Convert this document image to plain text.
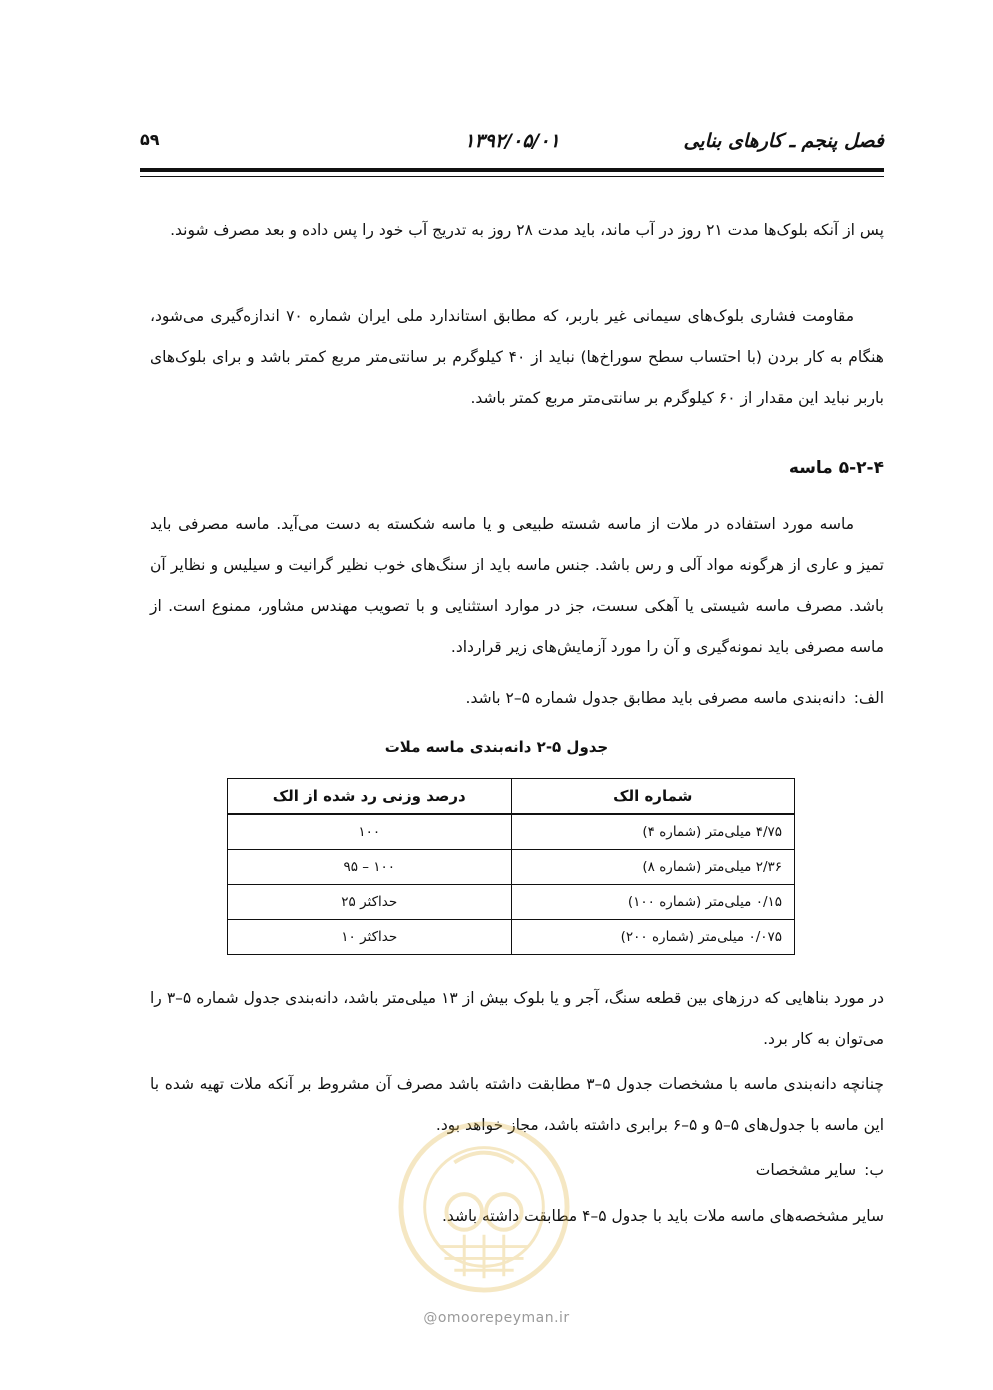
فصل پنجم ـ کارهای بنایی
۱۳۹۲/۰۵/۰۱
۵۹

پس از آنکه بلوک‌ها مدت ۲۱ روز در آب ماند، باید مدت ۲۸ روز به تدریج آب خود را پس داده و بعد مصرف شوند.

مقاومت فشاری بلوک‌های سیمانی غیر باربر، که مطابق استاندارد ملی ایران شماره ۷۰ اندازه‌گیری می‌شود، هنگام به کار بردن (با احتساب سطح سوراخ‌ها) نباید از ۴۰ کیلوگرم بر سانتی‌متر مربع کمتر باشد و برای بلوک‌های باربر نباید این مقدار از ۶۰ کیلوگرم بر سانتی‌متر مربع کمتر باشد.

۵-۲-۴ ماسه

ماسه مورد استفاده در ملات از ماسه شسته طبیعی و یا ماسه شکسته به دست می‌آید. ماسه مصرفی باید تمیز و عاری از هرگونه مواد آلی و رس باشد. جنس ماسه باید از سنگ‌های خوب نظیر گرانیت و سیلیس و نظایر آن باشد. مصرف ماسه شیستی یا آهکی سست، جز در موارد استثنایی و با تصویب مهندس مشاور، ممنوع است. از ماسه مصرفی باید نمونه‌گیری و آن را مورد آزمایش‌های زیر قرارداد.

الف:دانه‌بندی ماسه مصرفی باید مطابق جدول شماره ۵–۲ باشد.

جدول ۵-۲ دانه‌بندی ماسه ملات
شماره الک	درصد وزنی رد شده از الک
۴/۷۵ میلی‌متر (شماره ۴)	۱۰۰
۲/۳۶ میلی‌متر (شماره ۸)	۱۰۰ – ۹۵
۰/۱۵ میلی‌متر (شماره ۱۰۰)	حداکثر ۲۵
۰/۰۷۵ میلی‌متر (شماره ۲۰۰)	حداکثر ۱۰

در مورد بناهایی که درزهای بین قطعه سنگ، آجر و یا بلوک بیش از ۱۳ میلی‌متر باشد، دانه‌بندی جدول شماره ۵–۳ را می‌توان به کار برد.

چنانچه دانه‌بندی ماسه با مشخصات جدول ۵–۳ مطابقت داشته باشد مصرف آن مشروط بر آنکه ملات تهیه شده با این ماسه با جدول‌های ۵–۵ و ۵–۶ برابری داشته باشد، مجاز خواهد بود.

ب:سایر مشخصات

سایر مشخصه‌های ماسه ملات باید با جدول ۵–۴ مطابقت داشته باشد.

@omoorepeyman.ir
